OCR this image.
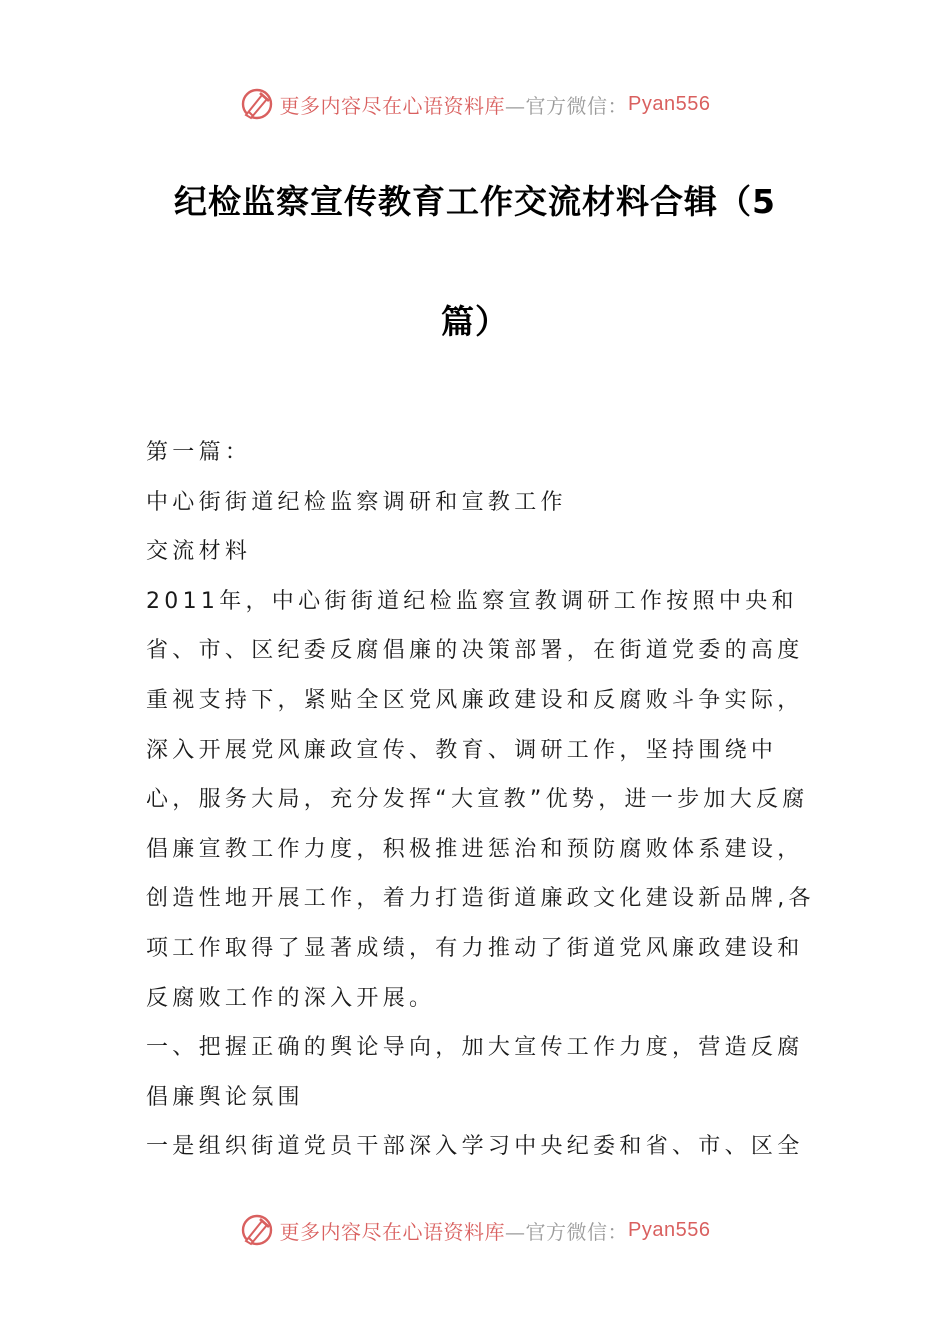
更多内容尽在心语资料库 —官方微信： Pyan556
纪检监察宣传教育工作交流材料合辑（5
篇）

第一篇：

中心街街道纪检监察调研和宣教工作

交流材料

2011年，中心街街道纪检监察宣教调研工作按照中央和省、市、区纪委反腐倡廉的决策部署，在街道党委的高度重视支持下，紧贴全区党风廉政建设和反腐败斗争实际，深入开展党风廉政宣传、教育、调研工作，坚持围绕中心，服务大局，充分发挥“大宣教”优势，进一步加大反腐倡廉宣教工作力度，积极推进惩治和预防腐败体系建设，创造性地开展工作，着力打造街道廉政文化建设新品牌,各项工作取得了显著成绩，有力推动了街道党风廉政建设和反腐败工作的深入开展。

一、把握正确的舆论导向，加大宣传工作力度，营造反腐倡廉舆论氛围

一是组织街道党员干部深入学习中央纪委和省、市、区全

更多内容尽在心语资料库 —官方微信： Pyan556
